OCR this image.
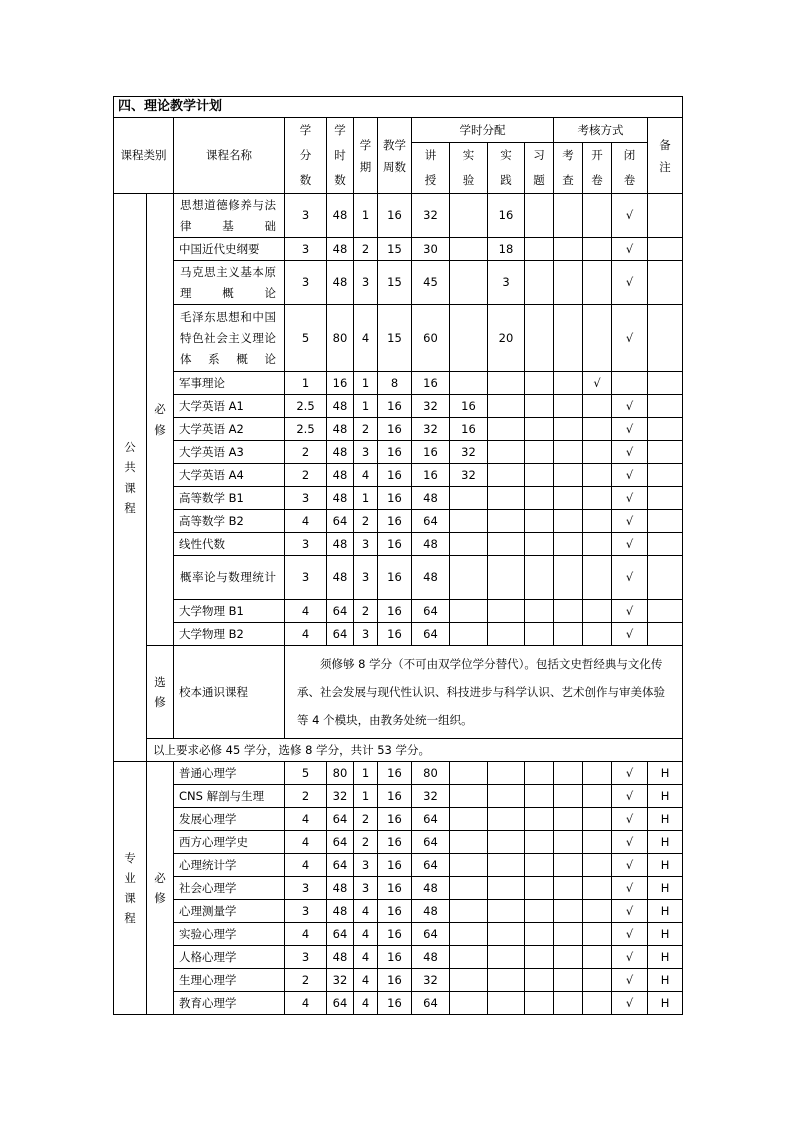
四、理论教学计划														
课程类别		课程名称	学分数	学时数	学期	教学周数	学时分配				考核方式			备注
							讲授	实验	实践	习题	考查	开卷	闭卷	

公共课程	必修	思想道德修养与法律基础	3	48	1	16	32		16				√	
		中国近代史纲要	3	48	2	15	30		18				√	
		马克思主义基本原理概论	3	48	3	15	45		3				√	
		毛泽东思想和中国特色社会主义理论体系概论	5	80	4	15	60		20				√	
		军事理论	1	16	1	8	16					√		
		大学英语 A1	2.5	48	1	16	32	16					√	
		大学英语 A2	2.5	48	2	16	32	16					√	
		大学英语 A3	2	48	3	16	16	32					√	
		大学英语 A4	2	48	4	16	16	32					√	
		高等数学 B1	3	48	1	16	48						√	
		高等数学 B2	4	64	2	16	64						√	
		线性代数	3	48	3	16	48						√	
		概率论与数理统计	3	48	3	16	48						√	
		大学物理 B1	4	64	2	16	64						√	
		大学物理 B2	4	64	3	16	64						√	
	选修	校本通识课程	须修够 8 学分（不可由双学位学分替代）。包括文史哲经典与文化传承、社会发展与现代性认识、科技进步与科学认识、艺术创作与审美体验等 4 个模块，由教务处统一组织。											
	以上要求必修 45 学分，选修 8 学分，共计 53 学分。													
专业课程	必修	普通心理学	5	80	1	16	80						√	H
		CNS 解剖与生理	2	32	1	16	32						√	H
		发展心理学	4	64	2	16	64						√	H
		西方心理学史	4	64	2	16	64						√	H
		心理统计学	4	64	3	16	64						√	H
		社会心理学	3	48	3	16	48						√	H
		心理测量学	3	48	4	16	48						√	H
		实验心理学	4	64	4	16	64						√	H
		人格心理学	3	48	4	16	48						√	H
		生理心理学	2	32	4	16	32						√	H
		教育心理学	4	64	4	16	64						√	H
